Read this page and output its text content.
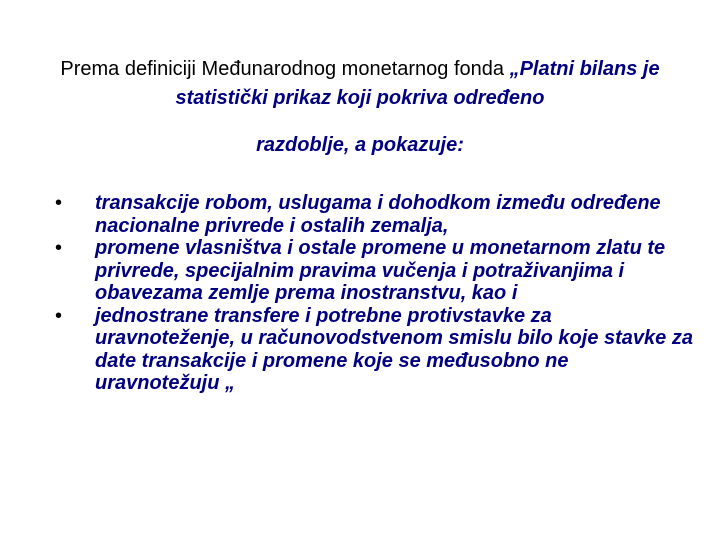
Prema definiciji Međunarodnog monetarnog fonda „Platni bilans je statistički prikaz koji pokriva određeno
razdoblje, a pokazuje:
•	transakcije robom, uslugama i dohodkom između određene nacionalne privrede i ostalih zemalja,
•	promene vlasništva i ostale promene u monetarnom zlatu te privrede, specijalnim pravima vučenja i potraživanjima i obavezama zemlje prema inostranstvu, kao i
•	jednostrane transfere i potrebne protivstavke za uravnoteženje, u računovodstvenom smislu bilo koje stavke za date transakcije i promene koje se međusobno ne uravnotežuju „
